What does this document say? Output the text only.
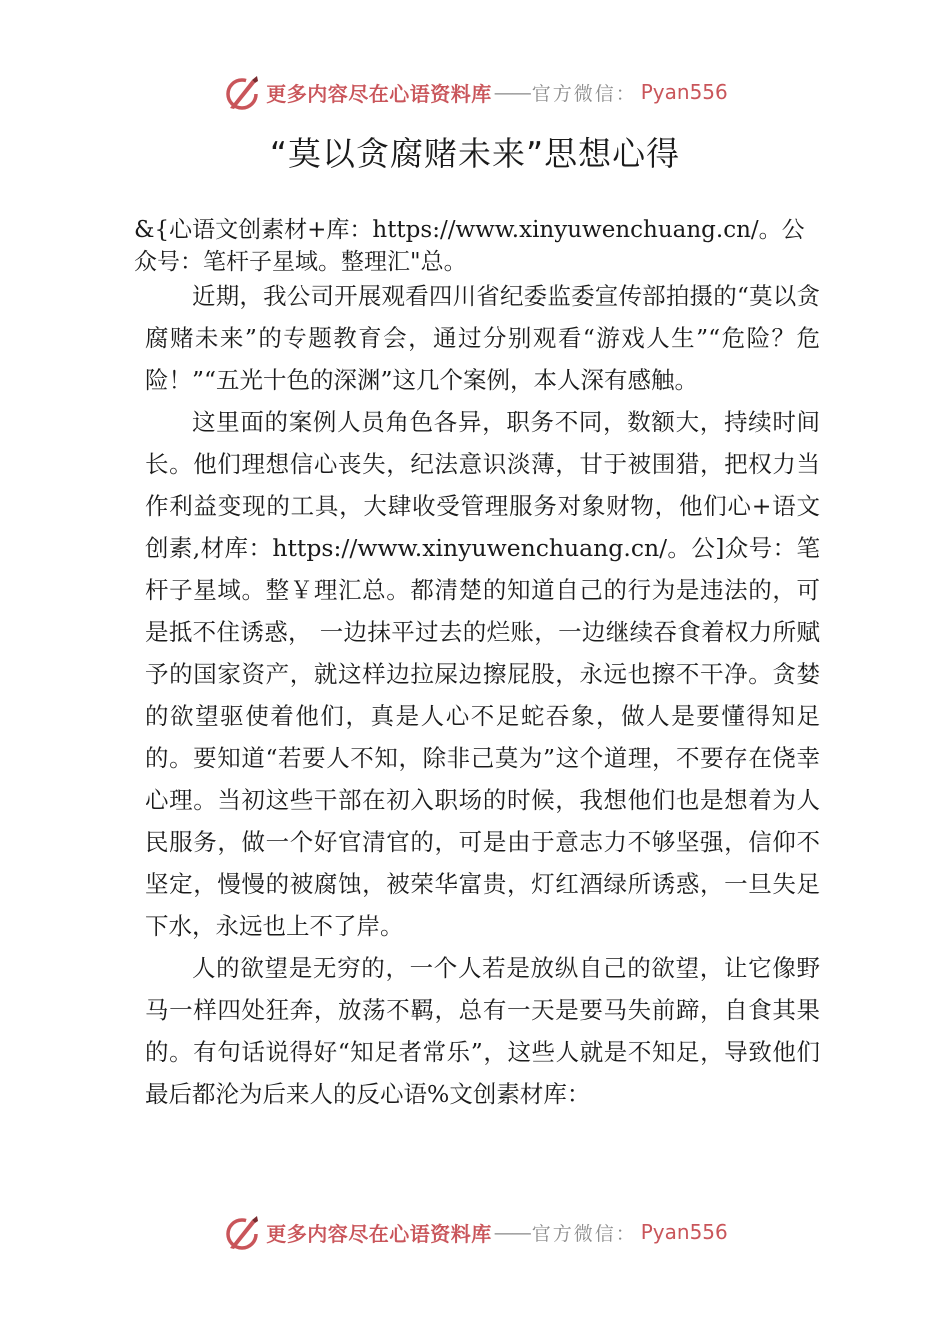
更多内容尽在心语资料库 —— 官方微信： Pyan556
“莫以贪腐赌未来”思想心得

&{心语文创素材+库：https://www.xinyuwenchuang.cn/。公众号：笔杆子星域。整理汇"总。

近期，我公司开展观看四川省纪委监委宣传部拍摄的“莫以贪腐赌未来”的专题教育会，通过分别观看“游戏人生”“危险？危险！”“五光十色的深渊”这几个案例，本人深有感触。

这里面的案例人员角色各异，职务不同，数额大，持续时间长。他们理想信心丧失，纪法意识淡薄，甘于被围猎，把权力当作利益变现的工具，大肆收受管理服务对象财物，他们心+语文创素,材库：https://www.xinyuwenchuang.cn/。公]众号：笔杆子星域。整￥理汇总。都清楚的知道自己的行为是违法的，可是抵不住诱惑， 一边抹平过去的烂账，一边继续吞食着权力所赋予的国家资产，就这样边拉屎边擦屁股，永远也擦不干净。贪婪的欲望驱使着他们，真是人心不足蛇吞象，做人是要懂得知足的。要知道“若要人不知，除非己莫为”这个道理，不要存在侥幸心理。当初这些干部在初入职场的时候，我想他们也是想着为人民服务，做一个好官清官的，可是由于意志力不够坚强，信仰不坚定，慢慢的被腐蚀，被荣华富贵，灯红酒绿所诱惑，一旦失足下水，永远也上不了岸。

人的欲望是无穷的，一个人若是放纵自己的欲望，让它像野马一样四处狂奔，放荡不羁，总有一天是要马失前蹄，自食其果的。有句话说得好“知足者常乐”，这些人就是不知足，导致他们最后都沦为后来人的反心语%文创素材库：

更多内容尽在心语资料库 —— 官方微信： Pyan556
